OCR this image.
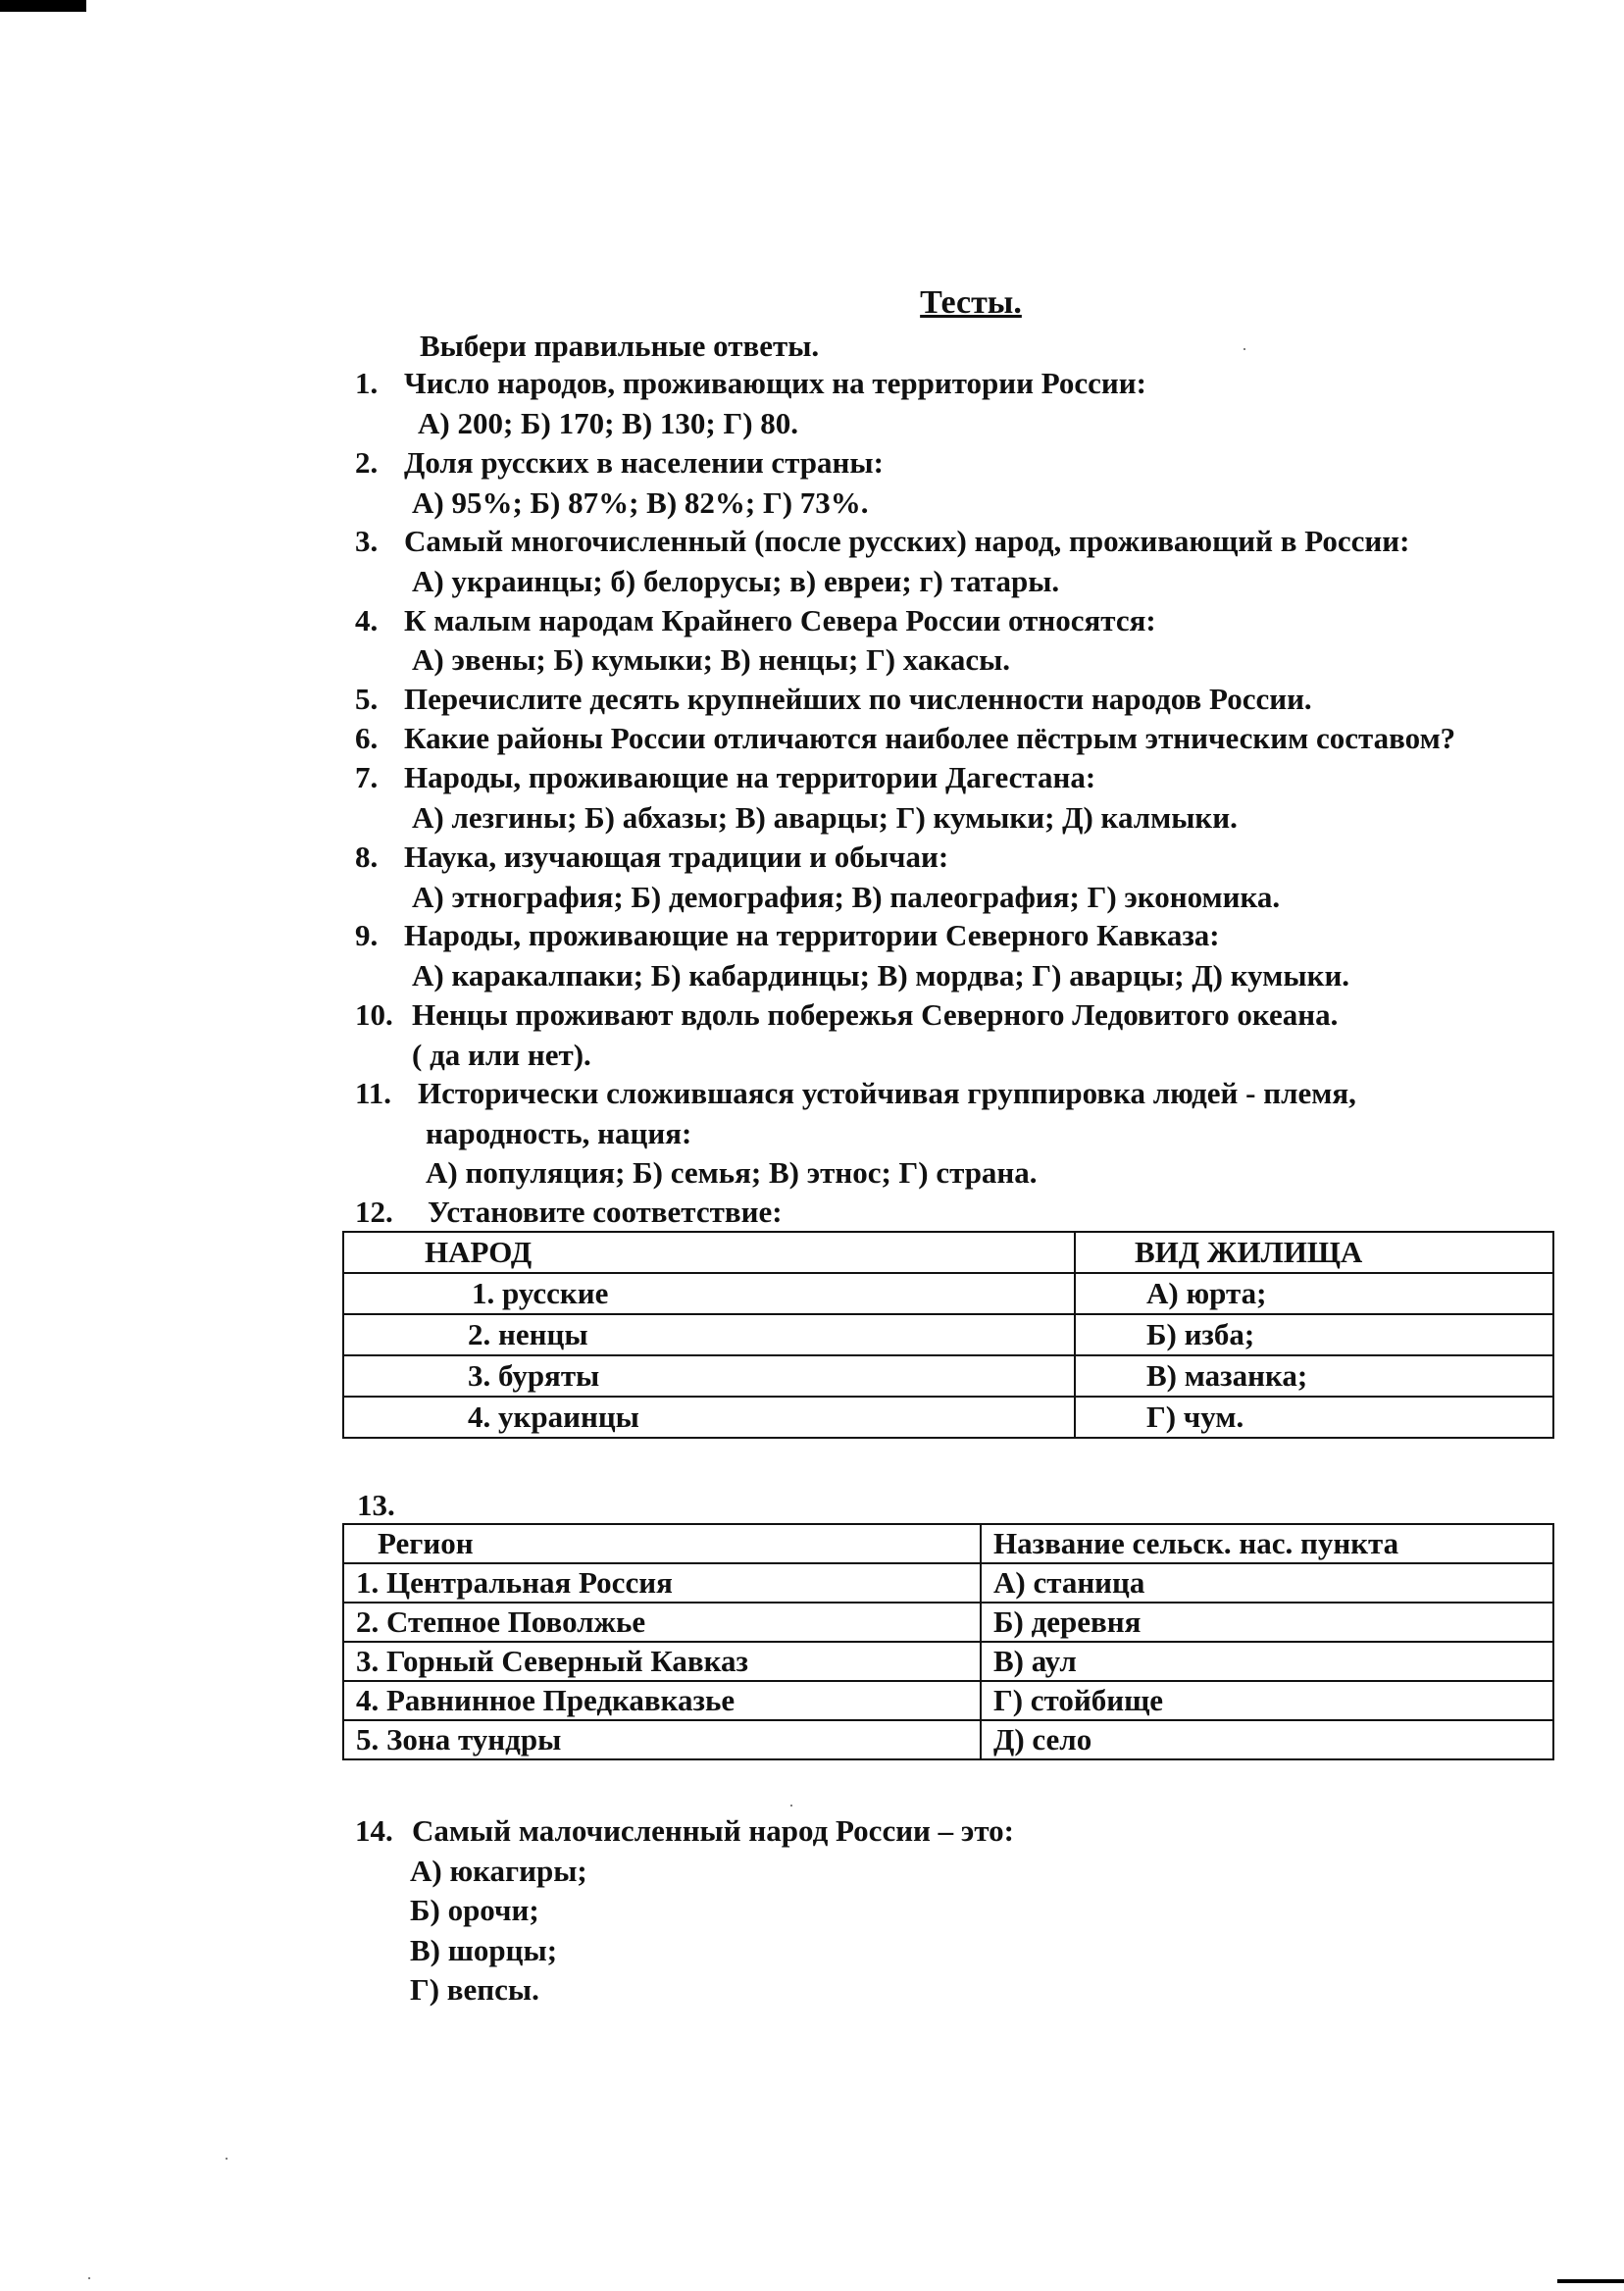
Тесты.
Выбери правильные ответы.
1. Число народов, проживающих на территории России:
А) 200; Б) 170; В) 130; Г) 80.
2. Доля русских в населении страны:
А) 95%; Б) 87%; В) 82%; Г) 73%.
3. Самый многочисленный (после русских) народ, проживающий в России:
А) украинцы; б) белорусы; в) евреи; г) татары.
4. К малым народам Крайнего Севера России относятся:
А) эвены; Б) кумыки; В) ненцы; Г) хакасы.
5. Перечислите десять крупнейших по численности народов России.
6. Какие районы России отличаются наиболее пёстрым этническим составом?
7. Народы, проживающие на территории Дагестана:
А) лезгины; Б) абхазы; В) аварцы; Г) кумыки; Д) калмыки.
8. Наука, изучающая традиции и обычаи:
А) этнография; Б) демография; В) палеография; Г) экономика.
9. Народы, проживающие на территории Северного Кавказа:
А) каракалпаки; Б) кабардинцы; В) мордва; Г) аварцы; Д) кумыки.
10. Ненцы проживают вдоль побережья Северного Ледовитого океана.
( да или нет).
11. Исторически сложившаяся устойчивая группировка людей - племя,
народность, нация:
А) популяция; Б) семья; В) этнос; Г) страна.
12. Установите соответствие:
НАРОД	ВИД ЖИЛИЩА
1. русские	А) юрта;
2. ненцы	Б) изба;
3. буряты	В) мазанка;
4. украинцы	Г) чум.
13.
Регион	Название сельск. нас. пункта
1. Центральная Россия	А) станица
2. Степное Поволжье	Б) деревня
3. Горный Северный Кавказ	В) аул
4. Равнинное Предкавказье	Г) стойбище
5. Зона тундры	Д) село
14. Самый малочисленный народ России – это:
А) юкагиры;
Б) орочи;
В) шорцы;
Г) вепсы.
